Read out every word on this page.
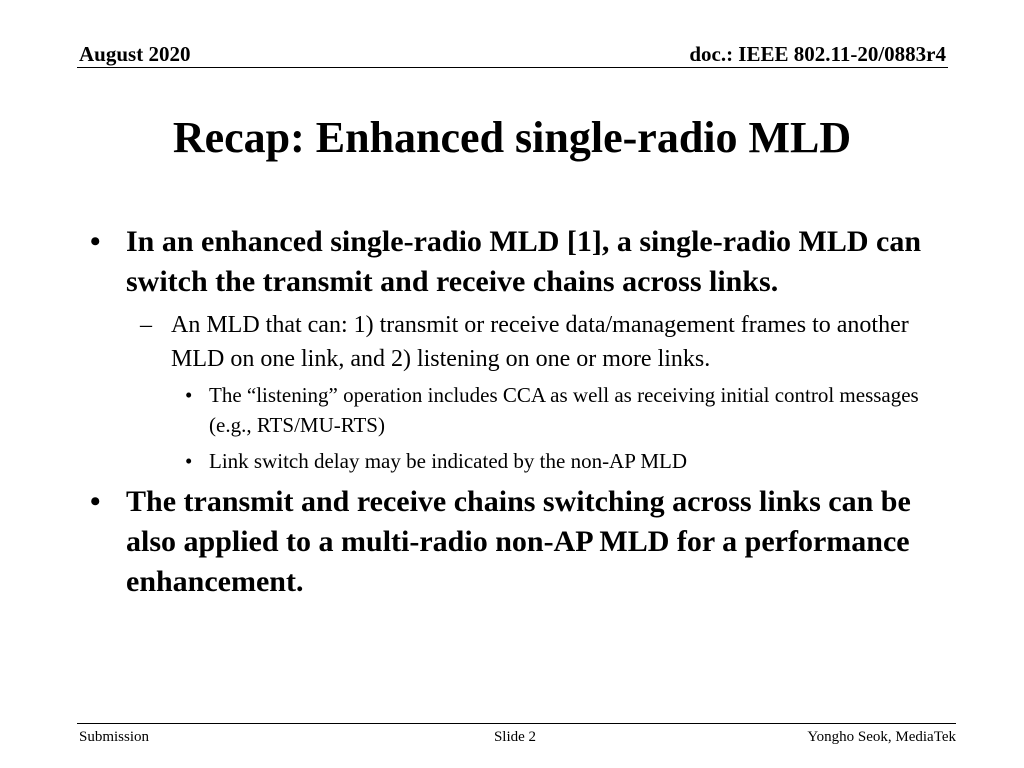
August 2020	doc.: IEEE 802.11-20/0883r4
Recap: Enhanced single-radio MLD
• In an enhanced single-radio MLD [1], a single-radio MLD can switch the transmit and receive chains across links.
– An MLD that can: 1) transmit or receive data/management frames to another MLD on one link, and 2) listening on one or more links.
• The “listening” operation includes CCA as well as receiving initial control messages (e.g., RTS/MU-RTS)
• Link switch delay may be indicated by the non-AP MLD
• The transmit and receive chains switching across links can be also applied to a multi-radio non-AP MLD for a performance enhancement.
Submission	Slide 2	Yongho Seok, MediaTek
